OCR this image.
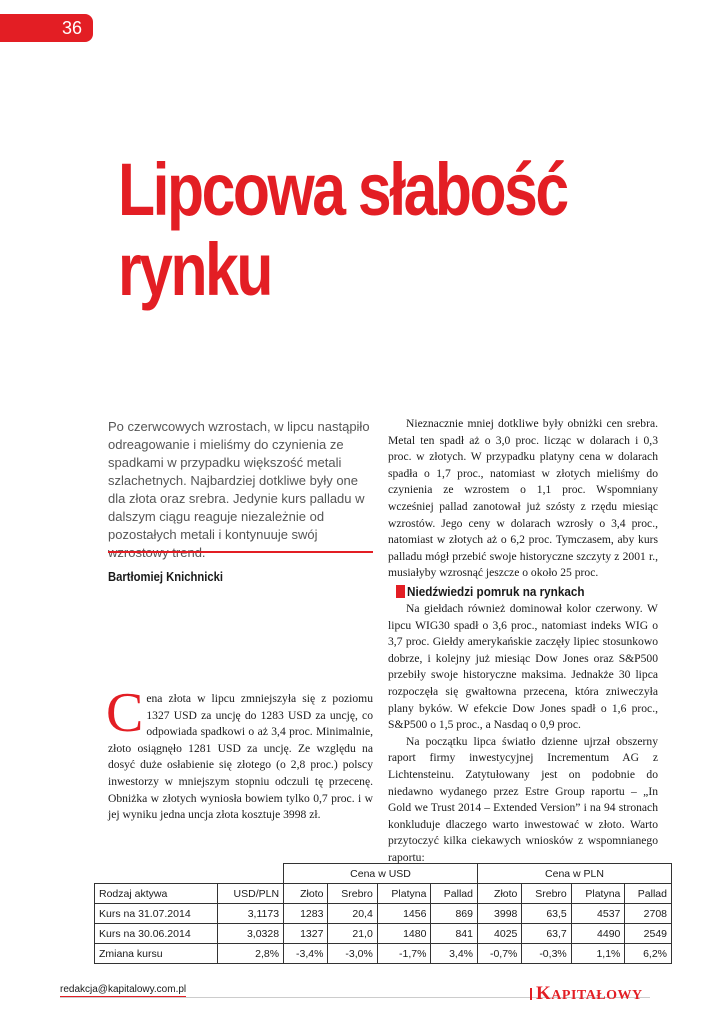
36
Lipcowa słabość
rynku

Po czerwcowych wzrostach, w lipcu nastąpiło odreagowanie i mieliśmy do czynienia ze spadkami w przypadku większość metali szlachetnych. Najbardziej dotkliwe były one dla złota oraz srebra. Jedynie kurs palladu w dalszym ciągu reaguje niezależnie od pozostałych metali i kontynuuje swój

Bartłomiej Knichnicki
C ena złota w lipcu zmniejszyła się z poziomu 1327 USD za uncję do 1283 USD za uncję, co odpowiada spadkowi o aż 3,4 proc. Minimalnie, złoto osiągnęło 1281 USD za uncję. Ze względu na dosyć duże osłabienie się złotego (o 2,8 proc.) polscy inwestorzy w mniejszym stopniu odczuli tę przecenę. Obniżka w złotych wyniosła bowiem tylko 0,7 proc. i w jej wyniku jedna uncja złota kosztuje 3998 zł.

Nieznacznie mniej dotkliwe były obniżki cen srebra. Metal ten spadł aż o 3,0 proc. licząc w dolarach i 0,3 proc. w złotych. W przypadku platyny cena w dolarach spadła o 1,7 proc., natomiast w złotych mieliśmy do czynienia ze wzrostem o 1,1 proc. Wspomniany wcześniej pallad zanotował już szósty z rzędu miesiąc wzrostów. Jego ceny w dolarach wzrosły o 3,4 proc., natomiast w złotych aż o 6,2 proc. Tymczasem, aby kurs palladu mógł przebić swoje historyczne szczyty z 2001 r., musiałyby wzrosnąć jeszcze o około 25 proc.

Niedźwiedzi pomruk na rynkach

Na giełdach również dominował kolor czerwony. W lipcu WIG30 spadł o 3,6 proc., natomiast indeks WIG o 3,7 proc. Giełdy amerykańskie zaczęły lipiec stosunkowo dobrze, i kolejny już miesiąc Dow Jones oraz S&P500 przebiły swoje historyczne maksima. Jednakże 30 lipca rozpoczęła się gwałtowna przecena, która zniweczyła plany byków. W efekcie Dow Jones spadł o 1,6 proc., S&P500 o 1,5 proc., a Nasdaq o 0,9 proc.

Na początku lipca światło dzienne ujrzał obszerny raport firmy inwestycyjnej Incrementum AG z Lichtensteinu. Zatytułowany jest on podobnie do niedawno wydanego przez Estre Group raportu – „In Gold we Trust 2014 – Extended Version” i na 94 stronach konkluduje dlaczego warto inwestować w złoto. Warto przytoczyć kilka ciekawych wniosków z wspomnianego raportu:

		Cena w USD				Cena w PLN			
Rodzaj aktywa	USD/PLN	Złoto	Srebro	Platyna	Pallad	Złoto	Srebro	Platyna	Pallad
Kurs na 31.07.2014	3,1173	1283	20,4	1456	869	3998	63,5	4537	2708
Kurs na 30.06.2014	3,0328	1327	21,0	1480	841	4025	63,7	4490	2549
Zmiana kursu	2,8%	-3,4%	-3,0%	-1,7%	3,4%	-0,7%	-0,3%	1,1%	6,2%
redakcja@kapitalowy.com.pl	KAPITAŁOWY
